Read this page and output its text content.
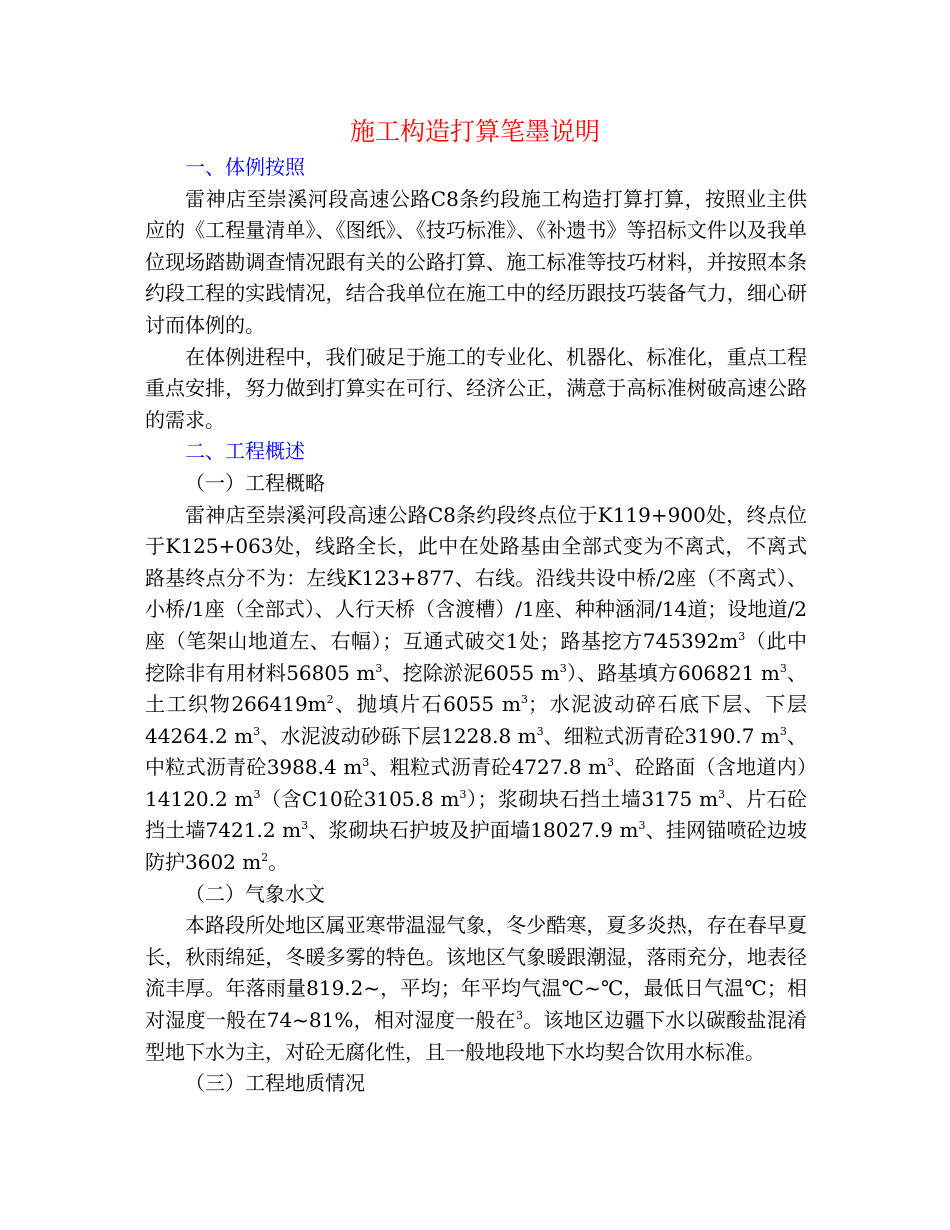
施工构造打算笔墨说明

一、体例按照

雷神店至崇溪河段高速公路C8条约段施工构造打算打算，按照业主供应的《工程量清单》、《图纸》、《技巧标准》、《补遗书》等招标文件以及我单位现场踏勘调查情况跟有关的公路打算、施工标准等技巧材料，并按照本条约段工程的实践情况，结合我单位在施工中的经历跟技巧装备气力，细心研讨而体例的。

在体例进程中，我们破足于施工的专业化、机器化、标准化，重点工程重点安排，努力做到打算实在可行、经济公正，满意于高标准树破高速公路的需求。

二、工程概述

（一）工程概略

雷神店至崇溪河段高速公路C8条约段终点位于K119+900处，终点位于K125+063处，线路全长，此中在处路基由全部式变为不离式，不离式路基终点分不为：左线K123+877、右线。沿线共设中桥/2座（不离式）、小桥/1座（全部式）、人行天桥（含渡槽）/1座、种种涵洞/14道；设地道/2座（笔架山地道左、右幅）；互通式破交1处；路基挖方$745392m^3$（此中挖除非有用材料56805 $m^3$、挖除淤泥6055 $m^3$）、路基填方606821 $m^3$、土工织物$266419m^2$、抛填片石6055 $m^3$；水泥波动碎石底下层、下层44264.2 $m^3$、水泥波动砂砾下层1228.8 $m^3$、细粒式沥青砼3190.7 $m^3$、中粒式沥青砼3988.4 $m^3$、粗粒式沥青砼4727.8 $m^3$、砼路面（含地道内）14120.2 $m^3$（含C10砼3105.8 $m^3$）；浆砌块石挡土墙3175 $m^3$、片石砼挡土墙7421.2 $m^3$、浆砌块石护坡及护面墙18027.9 $m^3$、挂网锚喷砼边坡防护3602 $m^2$。

（二）气象水文

本路段所处地区属亚寒带温湿气象，冬少酷寒，夏多炎热，存在春早夏长，秋雨绵延，冬暖多雾的特色。该地区气象暖跟潮湿，落雨充分，地表径流丰厚。年落雨量819.2~，平均；年平均气温℃~℃，最低日气温℃；相对湿度一般在74~81%，相对湿度一般在$^3$。该地区边疆下水以碳酸盐混淆型地下水为主，对砼无腐化性，且一般地段地下水均契合饮用水标准。

（三）工程地质情况
